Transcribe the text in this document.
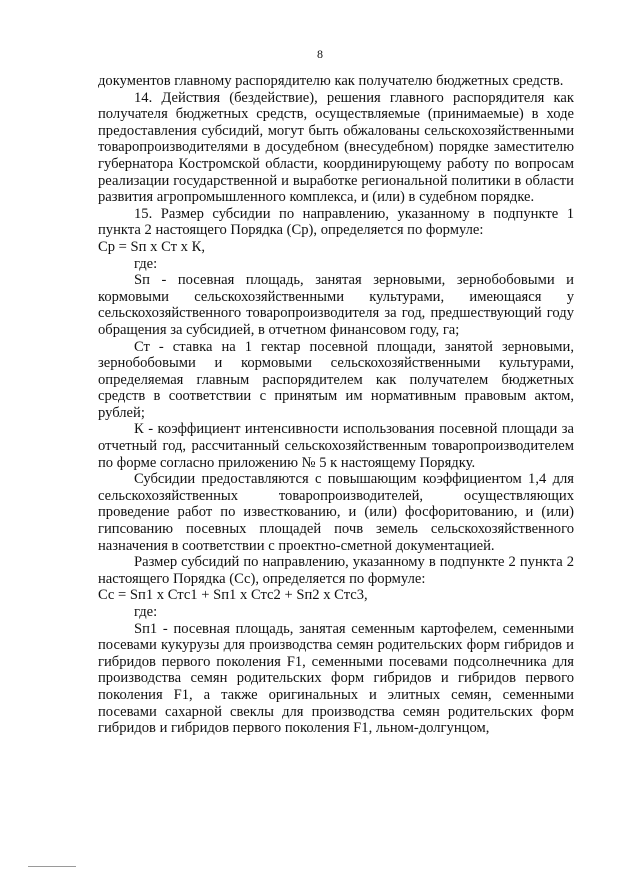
8

документов главному распорядителю как получателю бюджетных средств.

14. Действия (бездействие), решения главного распорядителя как получателя бюджетных средств, осуществляемые (принимаемые) в ходе предоставления субсидий, могут быть обжалованы сельскохозяйственными товаропроизводителями в досудебном (внесудебном) порядке заместителю губернатора Костромской области, координирующему работу по вопросам реализации государственной и выработке региональной политики в области развития агропромышленного комплекса, и (или) в судебном порядке.

15. Размер субсидии по направлению, указанному в подпункте 1 пункта 2 настоящего Порядка (Ср), определяется по формуле:

Ср = Sп х Ст х К,

где:

Sп - посевная площадь, занятая зерновыми, зернобобовыми и кормовыми сельскохозяйственными культурами, имеющаяся у сельскохозяйственного товаропроизводителя за год, предшествующий году обращения за субсидией, в отчетном финансовом году, га;

Ст - ставка на 1 гектар посевной площади, занятой зерновыми, зернобобовыми и кормовыми сельскохозяйственными культурами, определяемая главным распорядителем как получателем бюджетных средств в соответствии с принятым им нормативным правовым актом, рублей;

К - коэффициент интенсивности использования посевной площади за отчетный год, рассчитанный сельскохозяйственным товаропроизводителем по форме согласно приложению № 5 к настоящему Порядку.

Субсидии предоставляются с повышающим коэффициентом 1,4 для сельскохозяйственных товаропроизводителей, осуществляющих проведение работ по известкованию, и (или) фосфоритованию, и (или) гипсованию посевных площадей почв земель сельскохозяйственного назначения в соответствии с проектно-сметной документацией.

Размер субсидий по направлению, указанному в подпункте 2 пункта 2 настоящего Порядка (Сс), определяется по формуле:

Сс = Sп1 х Стс1 + Sп1 х Стс2 + Sп2 х Стс3,

где:

Sп1 - посевная площадь, занятая семенным картофелем, семенными посевами кукурузы для производства семян родительских форм гибридов и гибридов первого поколения F1, семенными посевами подсолнечника для производства семян родительских форм гибридов и гибридов первого поколения F1, а также оригинальных и элитных семян, семенными посевами сахарной свеклы для производства семян родительских форм гибридов и гибридов первого поколения F1, льном-долгунцом,
